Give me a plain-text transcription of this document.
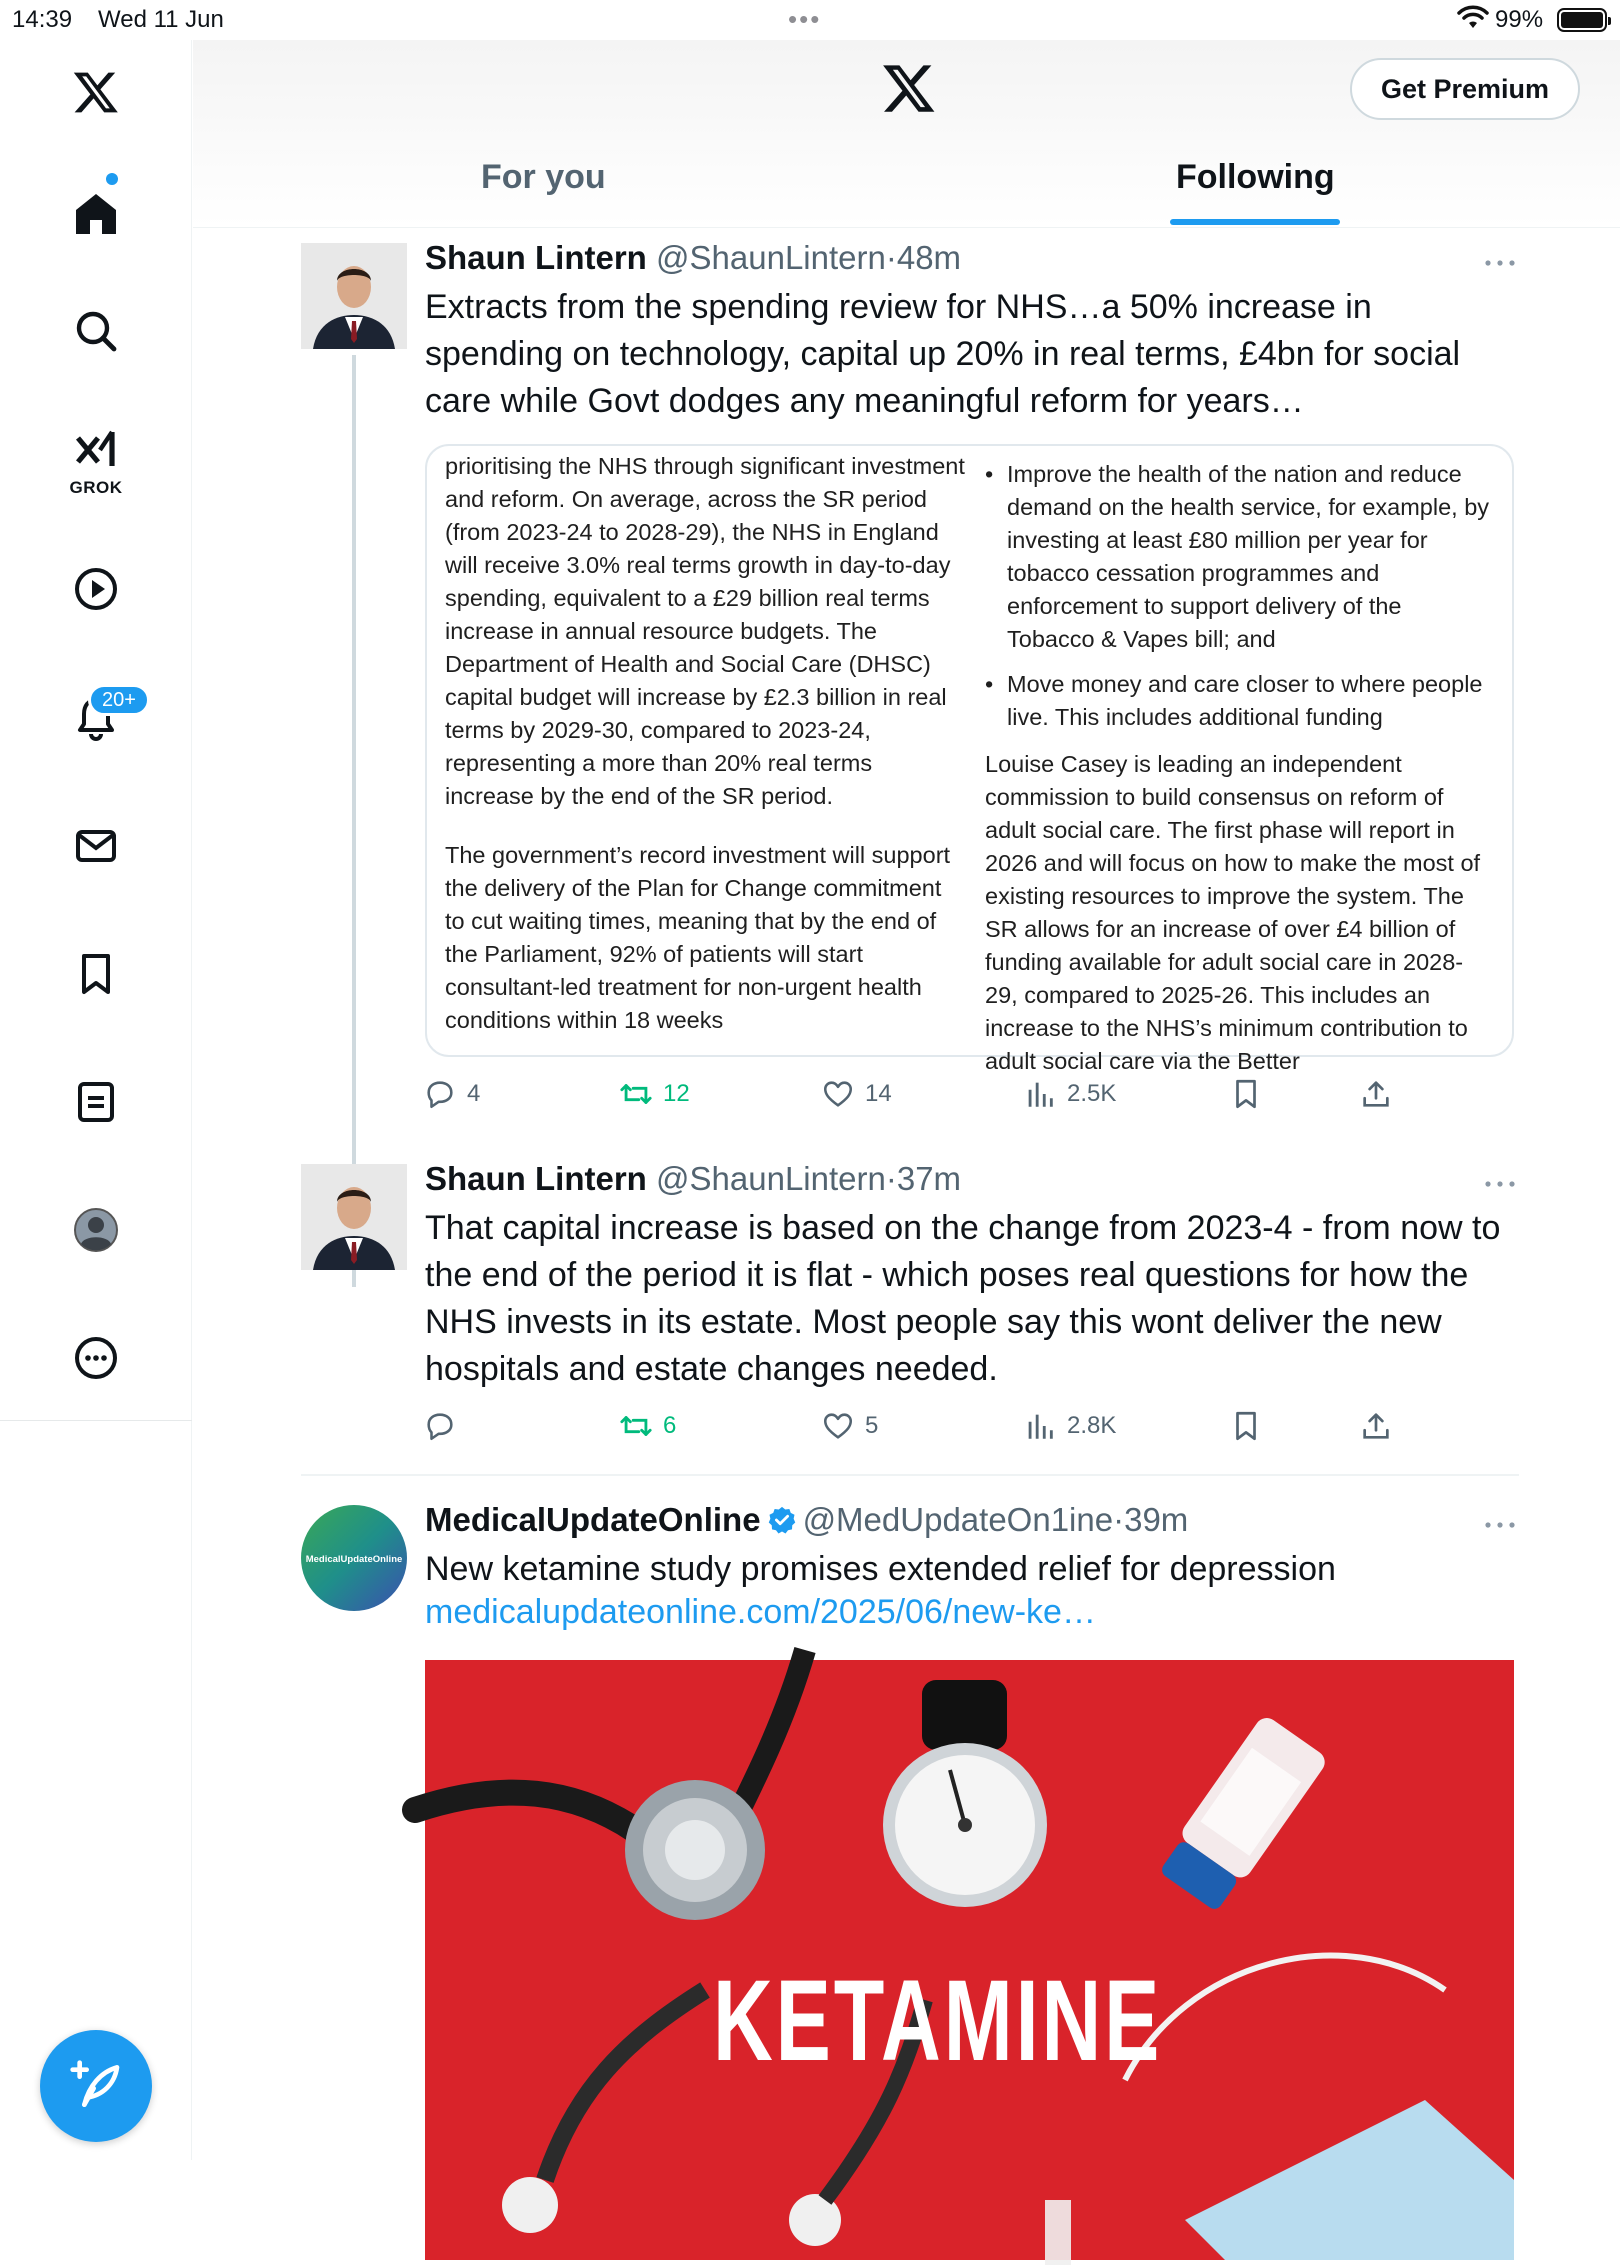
14:39 Wed 11 Jun	•••	99%
GROK
20+
Get Premium
For you	Following
Shaun Lintern @ShaunLintern·48m
Extracts from the spending review for NHS…a 50% increase in spending on technology, capital up 20% in real terms, £4bn for social care while Govt dodges any meaningful reform for years…

prioritising the NHS through significant investment and reform. On average, across the SR period (from 2023-24 to 2028-29), the NHS in England will receive 3.0% real terms growth in day-to-day spending, equivalent to a £29 billion real terms increase in annual resource budgets. The Department of Health and Social Care (DHSC) capital budget will increase by £2.3 billion in real terms by 2029-30, compared to 2023-24, representing a more than 20% real terms increase by the end of the SR period.

The government’s record investment will support the delivery of the Plan for Change commitment to cut waiting times, meaning that by the end of the Parliament, 92% of patients will start consultant-led treatment for non-urgent health conditions within 18 weeks

• Improve the health of the nation and reduce demand on the health service, for example, by investing at least £80 million per year for tobacco cessation programmes and enforcement to support delivery of the Tobacco & Vapes bill; and
• Move money and care closer to where people live. This includes additional funding
Louise Casey is leading an independent commission to build consensus on reform of adult social care. The first phase will report in 2026 and will focus on how to make the most of existing resources to improve the system. The SR allows for an increase of over £4 billion of funding available for adult social care in 2028-29, compared to 2025-26. This includes an increase to the NHS’s minimum contribution to adult social care via the Better
4	12	14	2.5K
Shaun Lintern @ShaunLintern·37m
That capital increase is based on the change from 2023-4 - from now to the end of the period it is flat - which poses real questions for how the NHS invests in its estate. Most people say this wont deliver the new hospitals and estate changes needed.
6	5	2.8K
MedicalUpdateOnline
MedicalUpdateOnline @MedUpdateOn1ine·39m
New ketamine study promises extended relief for depression
medicalupdateonline.com/2025/06/new-ke…
KETAMINE
